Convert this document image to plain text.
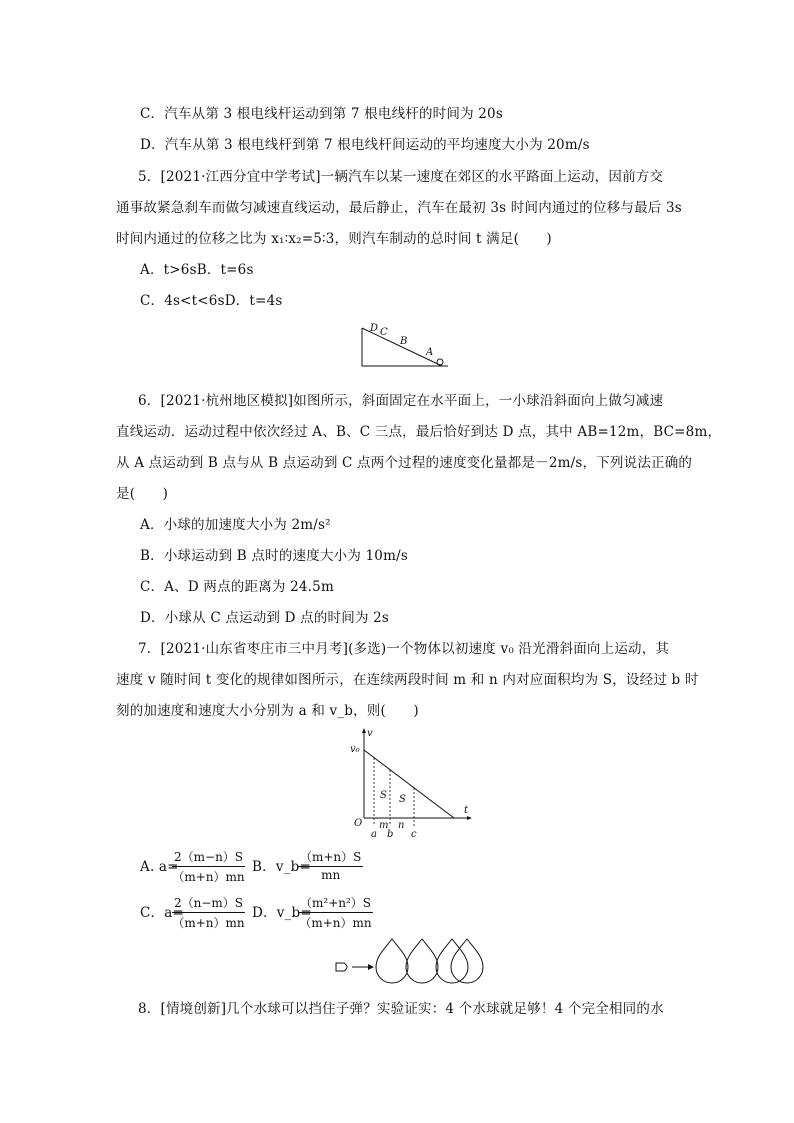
C．汽车从第 3 根电线杆运动到第 7 根电线杆的时间为 20s
D．汽车从第 3 根电线杆到第 7 根电线杆间运动的平均速度大小为 20m/s
5．[2021·江西分宜中学考试]一辆汽车以某一速度在郊区的水平路面上运动，因前方交
通事故紧急刹车而做匀减速直线运动，最后静止，汽车在最初 3s 时间内通过的位移与最后 3s
时间内通过的位移之比为 x₁∶x₂=5∶3，则汽车制动的总时间 t 满足(　　)
A．t>6sB．t=6s
C．4s<t<6sD．t=4s
D C
B
A
6．[2021·杭州地区模拟]如图所示，斜面固定在水平面上，一小球沿斜面向上做匀减速
直线运动．运动过程中依次经过 A、B、C 三点，最后恰好到达 D 点，其中 AB=12m，BC=8m，
从 A 点运动到 B 点与从 B 点运动到 C 点两个过程的速度变化量都是－2m/s，下列说法正确的
是(　　)
A．小球的加速度大小为 2m/s²
B．小球运动到 B 点时的速度大小为 10m/s
C．A、D 两点的距离为 24.5m
D．小球从 C 点运动到 D 点的时间为 2s
7．[2021·山东省枣庄市三中月考](多选)一个物体以初速度 v₀ 沿光滑斜面向上运动，其
速度 v 随时间 t 变化的规律如图所示，在连续两段时间 m 和 n 内对应面积均为 S，设经过 b 时
刻的加速度和速度大小分别为 a 和 v_b，则(　　)
v
v₀
t
O
S S
m n
a b c
A. a=
$\frac{2(m-n)S}{(m+n)mn}$ B．v_b=
$\frac{(m+n)S}{mn}$
C．a=
$\frac{2(n-m)S}{(m+n)mn}$ D．v_b=
$\frac{\text{（m²+n²）S}}{(m+n)mn}$
8．[情境创新]几个水球可以挡住子弹？实验证实：4 个水球就足够！4 个完全相同的水
